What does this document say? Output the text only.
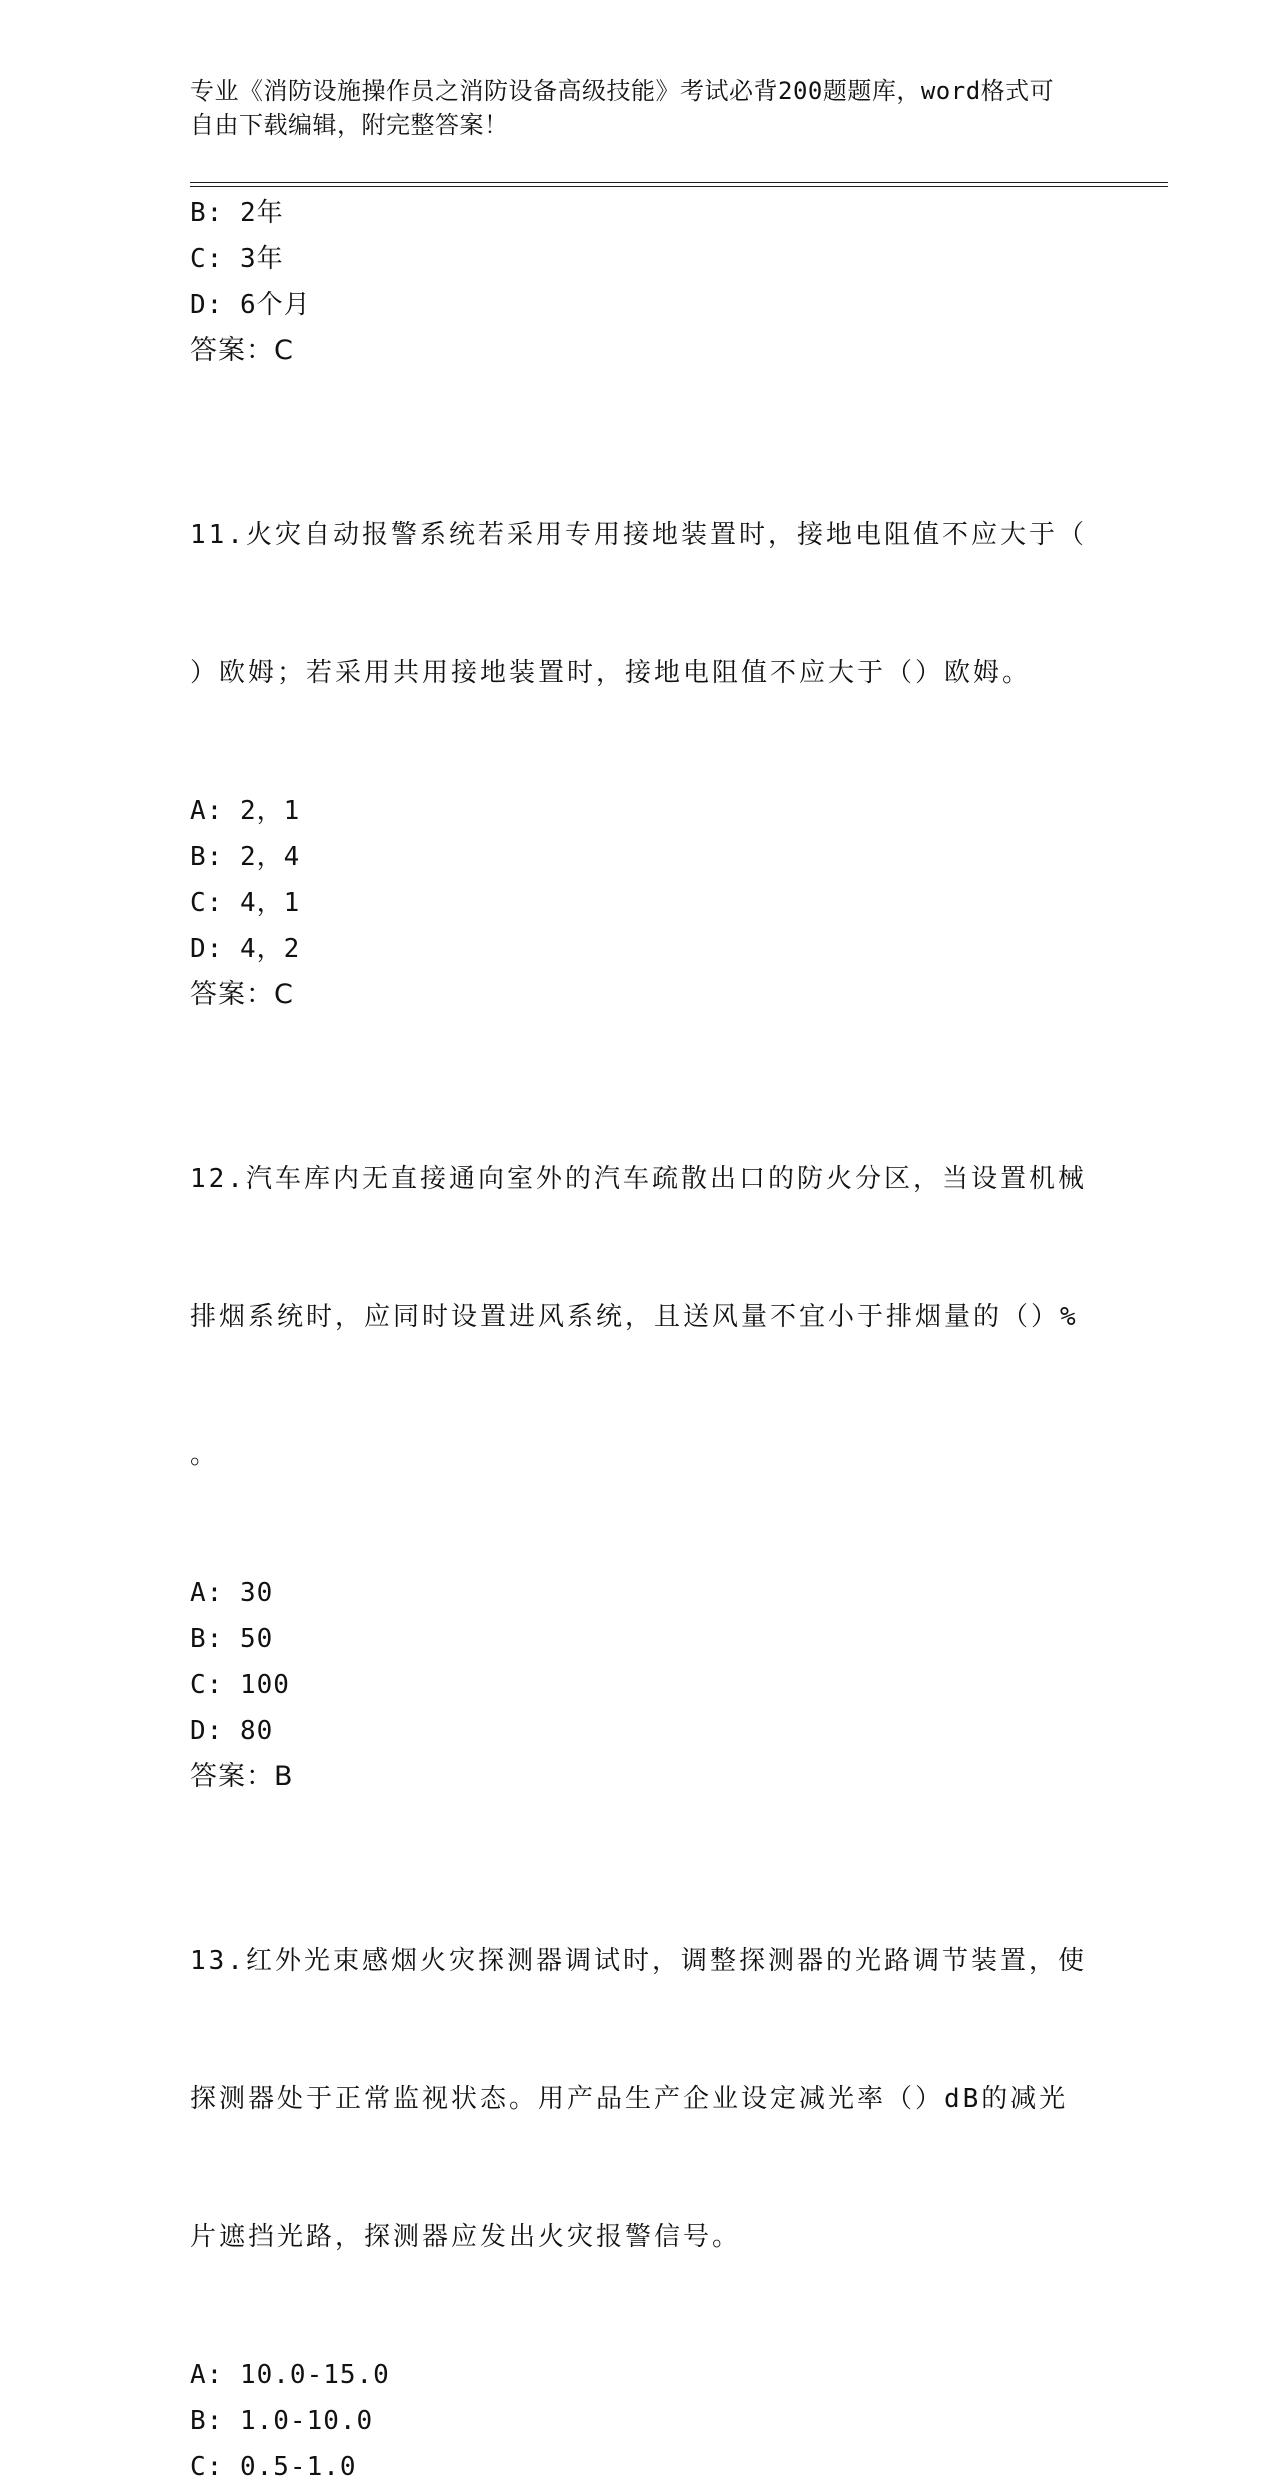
专业《消防设施操作员之消防设备高级技能》考试必背200题题库，word格式可
自由下载编辑，附完整答案！
B: 2年
C: 3年
D: 6个月
答案：C

11.火灾自动报警系统若采用专用接地装置时，接地电阻值不应大于（

）欧姆；若采用共用接地装置时，接地电阻值不应大于（）欧姆。

A: 2，1
B: 2，4
C: 4，1
D: 4，2
答案：C

12.汽车库内无直接通向室外的汽车疏散出口的防火分区，当设置机械

排烟系统时，应同时设置进风系统，且送风量不宜小于排烟量的（）%

。

A: 30
B: 50
C: 100
D: 80
答案：B

13.红外光束感烟火灾探测器调试时，调整探测器的光路调节装置，使

探测器处于正常监视状态。用产品生产企业设定减光率（）dB的减光

片遮挡光路，探测器应发出火灾报警信号。

A: 10.0-15.0
B: 1.0-10.0
C: 0.5-1.0
